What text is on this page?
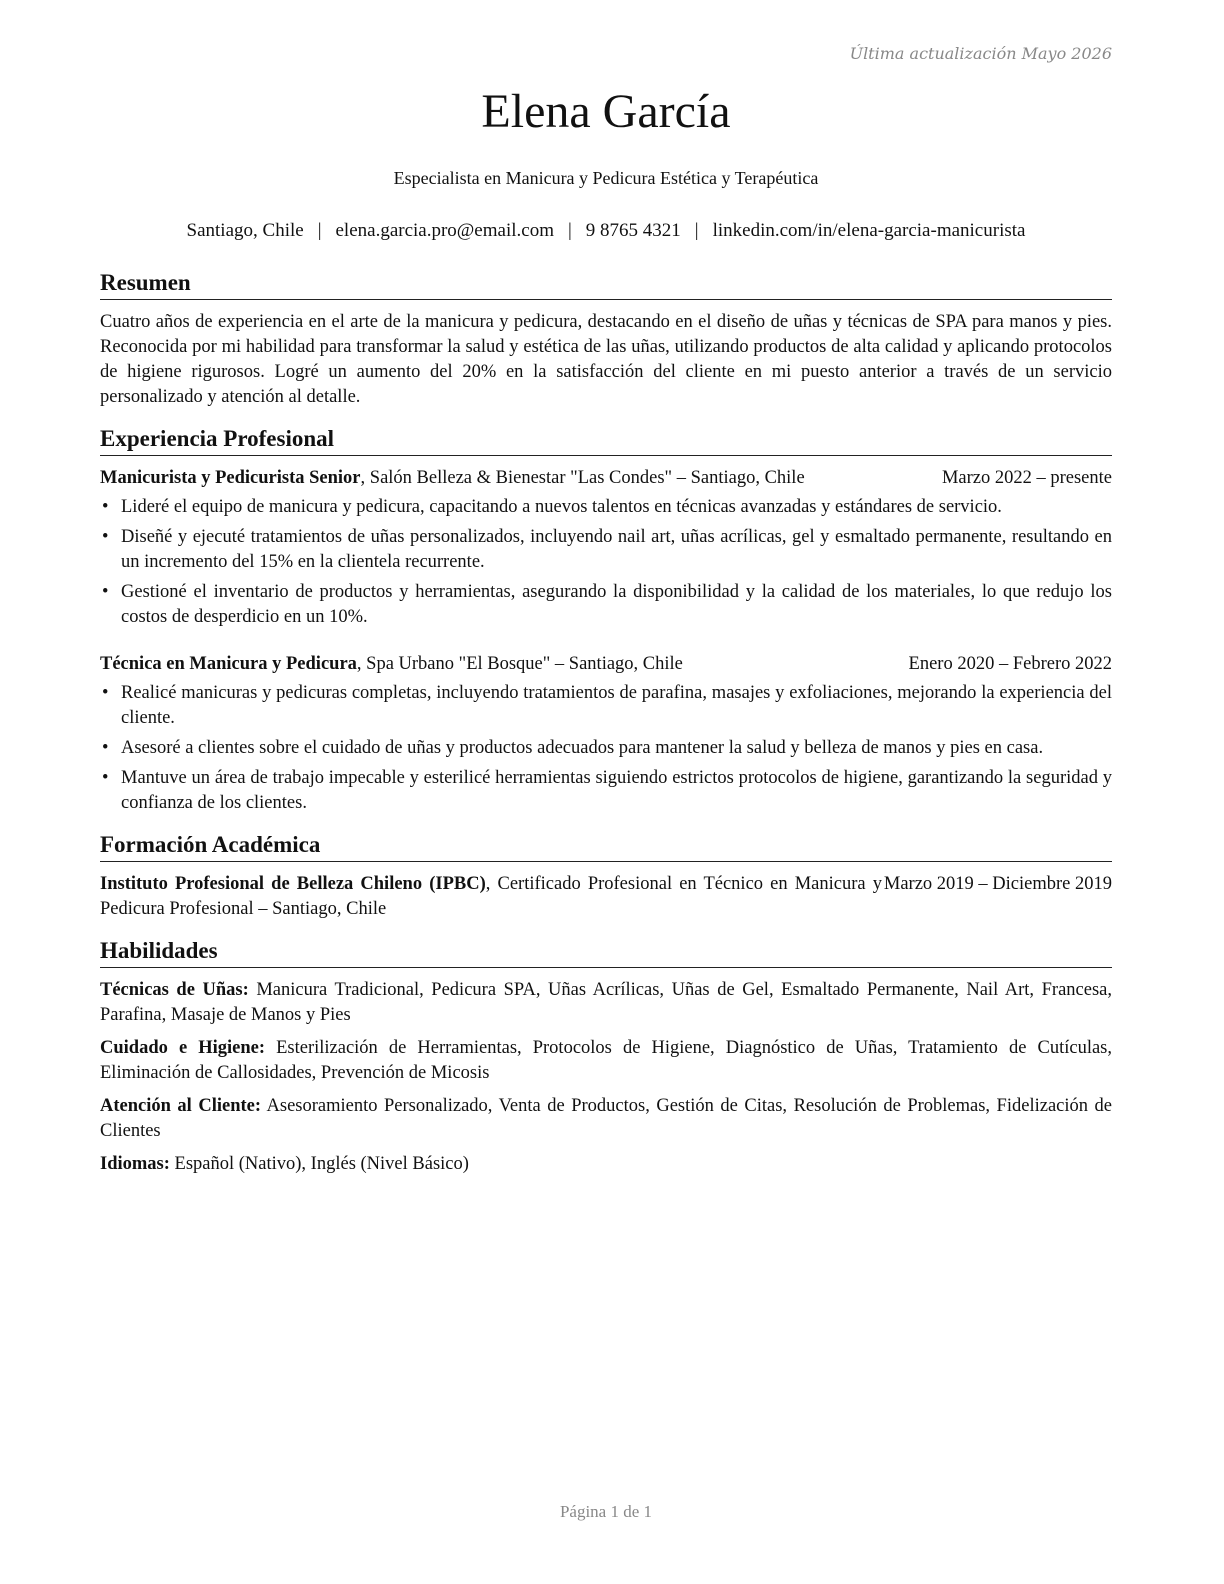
Última actualización Mayo 2026
Elena García
Especialista en Manicura y Pedicura Estética y Terapéutica
Santiago, Chile | elena.garcia.pro@email.com | 9 8765 4321 | linkedin.com/in/elena-garcia-manicurista
Resumen

Cuatro años de experiencia en el arte de la manicura y pedicura, destacando en el diseño de uñas y técnicas de SPA para manos y pies. Reconocida por mi habilidad para transformar la salud y estética de las uñas, utilizando productos de alta calidad y aplicando protocolos de higiene rigurosos. Logré un aumento del 20% en la satisfacción del cliente en mi puesto anterior a través de un servicio personalizado y atención al detalle.

Experiencia Profesional
Manicurista y Pedicurista Senior, Salón Belleza & Bienestar "Las Condes" – Santiago, Chile	Marzo 2022 – presente
• Lideré el equipo de manicura y pedicura, capacitando a nuevos talentos en técnicas avanzadas y estándares de servicio.
• Diseñé y ejecuté tratamientos de uñas personalizados, incluyendo nail art, uñas acrílicas, gel y esmaltado permanente, resultando en un incremento del 15% en la clientela recurrente.
• Gestioné el inventario de productos y herramientas, asegurando la disponibilidad y la calidad de los materiales, lo que redujo los costos de desperdicio en un 10%.
Técnica en Manicura y Pedicura, Spa Urbano "El Bosque" – Santiago, Chile	Enero 2020 – Febrero 2022
• Realicé manicuras y pedicuras completas, incluyendo tratamientos de parafina, masajes y exfoliaciones, mejorando la experiencia del cliente.
• Asesoré a clientes sobre el cuidado de uñas y productos adecuados para mantener la salud y belleza de manos y pies en casa.
• Mantuve un área de trabajo impecable y esterilicé herramientas siguiendo estrictos protocolos de higiene, garantizando la seguridad y confianza de los clientes.
Formación Académica
Instituto Profesional de Belleza Chileno (IPBC), Certificado Profesional en Técnico en Manicura y Pedicura Profesional – Santiago, Chile
Marzo 2019 – Diciembre 2019
Habilidades

Técnicas de Uñas: Manicura Tradicional, Pedicura SPA, Uñas Acrílicas, Uñas de Gel, Esmaltado Permanente, Nail Art, Francesa, Parafina, Masaje de Manos y Pies

Cuidado e Higiene: Esterilización de Herramientas, Protocolos de Higiene, Diagnóstico de Uñas, Tratamiento de Cutículas, Eliminación de Callosidades, Prevención de Micosis

Atención al Cliente: Asesoramiento Personalizado, Venta de Productos, Gestión de Citas, Resolución de Problemas, Fidelización de Clientes

Idiomas: Español (Nativo), Inglés (Nivel Básico)

Página 1 de 1
